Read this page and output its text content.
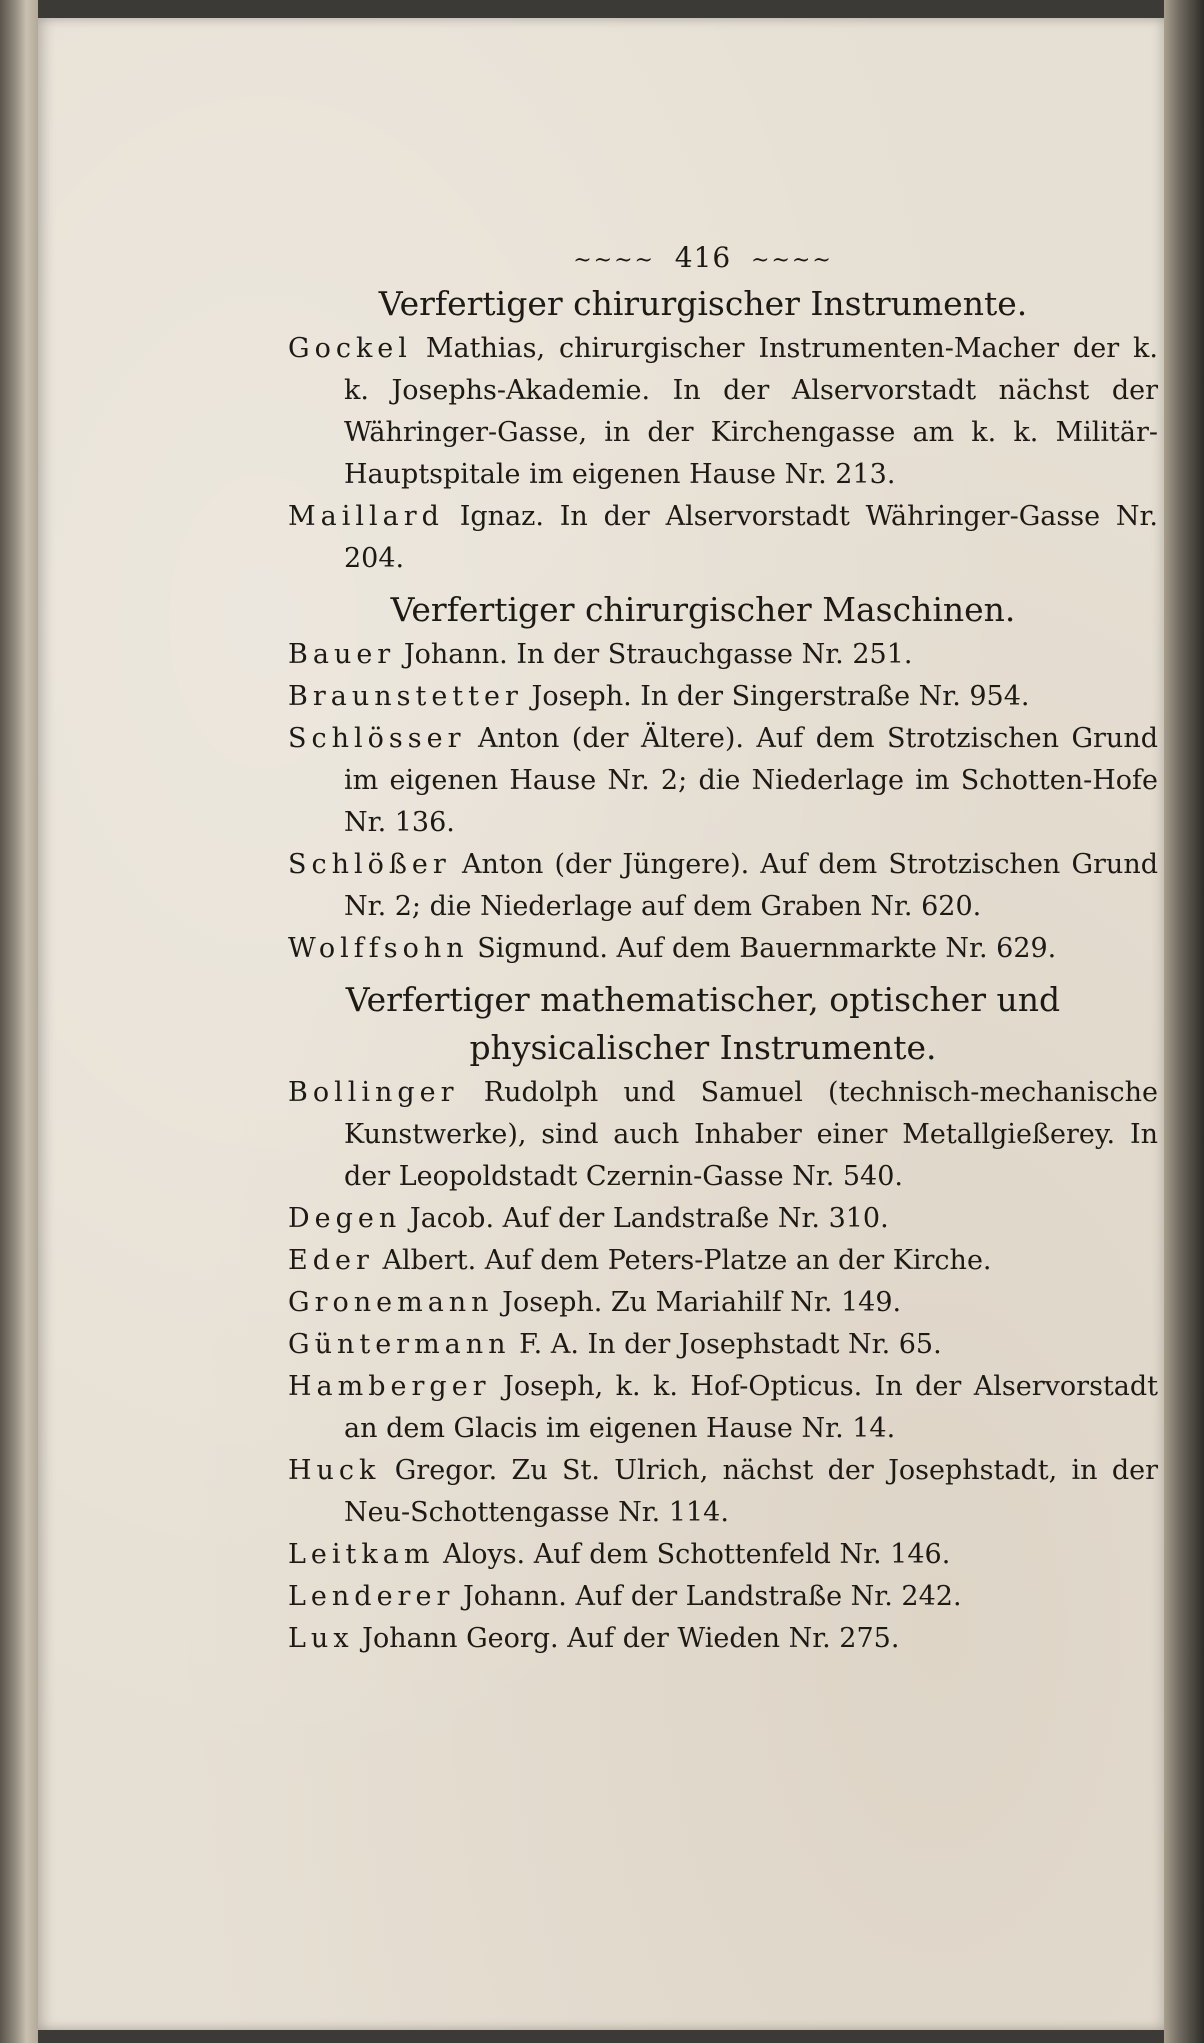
~~~~ 416 ~~~~
Verfertiger chirurgischer Instrumente.
Gockel Mathias, chirurgischer Instrumenten-Macher der k. k. Josephs-Akademie. In der Alservorstadt nächst der Währinger-Gasse, in der Kirchengasse am k. k. Militär-Hauptspitale im eigenen Hause Nr. 213.
Maillard Ignaz. In der Alservorstadt Währinger-Gasse Nr. 204.
Verfertiger chirurgischer Maschinen.
Bauer Johann. In der Strauchgasse Nr. 251.
Braunstetter Joseph. In der Singerstraße Nr. 954.
Schlösser Anton (der Ältere). Auf dem Strotzischen Grund im eigenen Hause Nr. 2; die Niederlage im Schotten-Hofe Nr. 136.
Schlößer Anton (der Jüngere). Auf dem Strotzischen Grund Nr. 2; die Niederlage auf dem Graben Nr. 620.
Wolffsohn Sigmund. Auf dem Bauernmarkte Nr. 629.
Verfertiger mathematischer, optischer und physicalischer Instrumente.
Bollinger Rudolph und Samuel (technisch-mechanische Kunstwerke), sind auch Inhaber einer Metallgießerey. In der Leopoldstadt Czernin-Gasse Nr. 540.
Degen Jacob. Auf der Landstraße Nr. 310.
Eder Albert. Auf dem Peters-Platze an der Kirche.
Gronemann Joseph. Zu Mariahilf Nr. 149.
Güntermann F. A. In der Josephstadt Nr. 65.
Hamberger Joseph, k. k. Hof-Opticus. In der Alservorstadt an dem Glacis im eigenen Hause Nr. 14.
Huck Gregor. Zu St. Ulrich, nächst der Josephstadt, in der Neu-Schottengasse Nr. 114.
Leitkam Aloys. Auf dem Schottenfeld Nr. 146.
Lenderer Johann. Auf der Landstraße Nr. 242.
Lux Johann Georg. Auf der Wieden Nr. 275.
